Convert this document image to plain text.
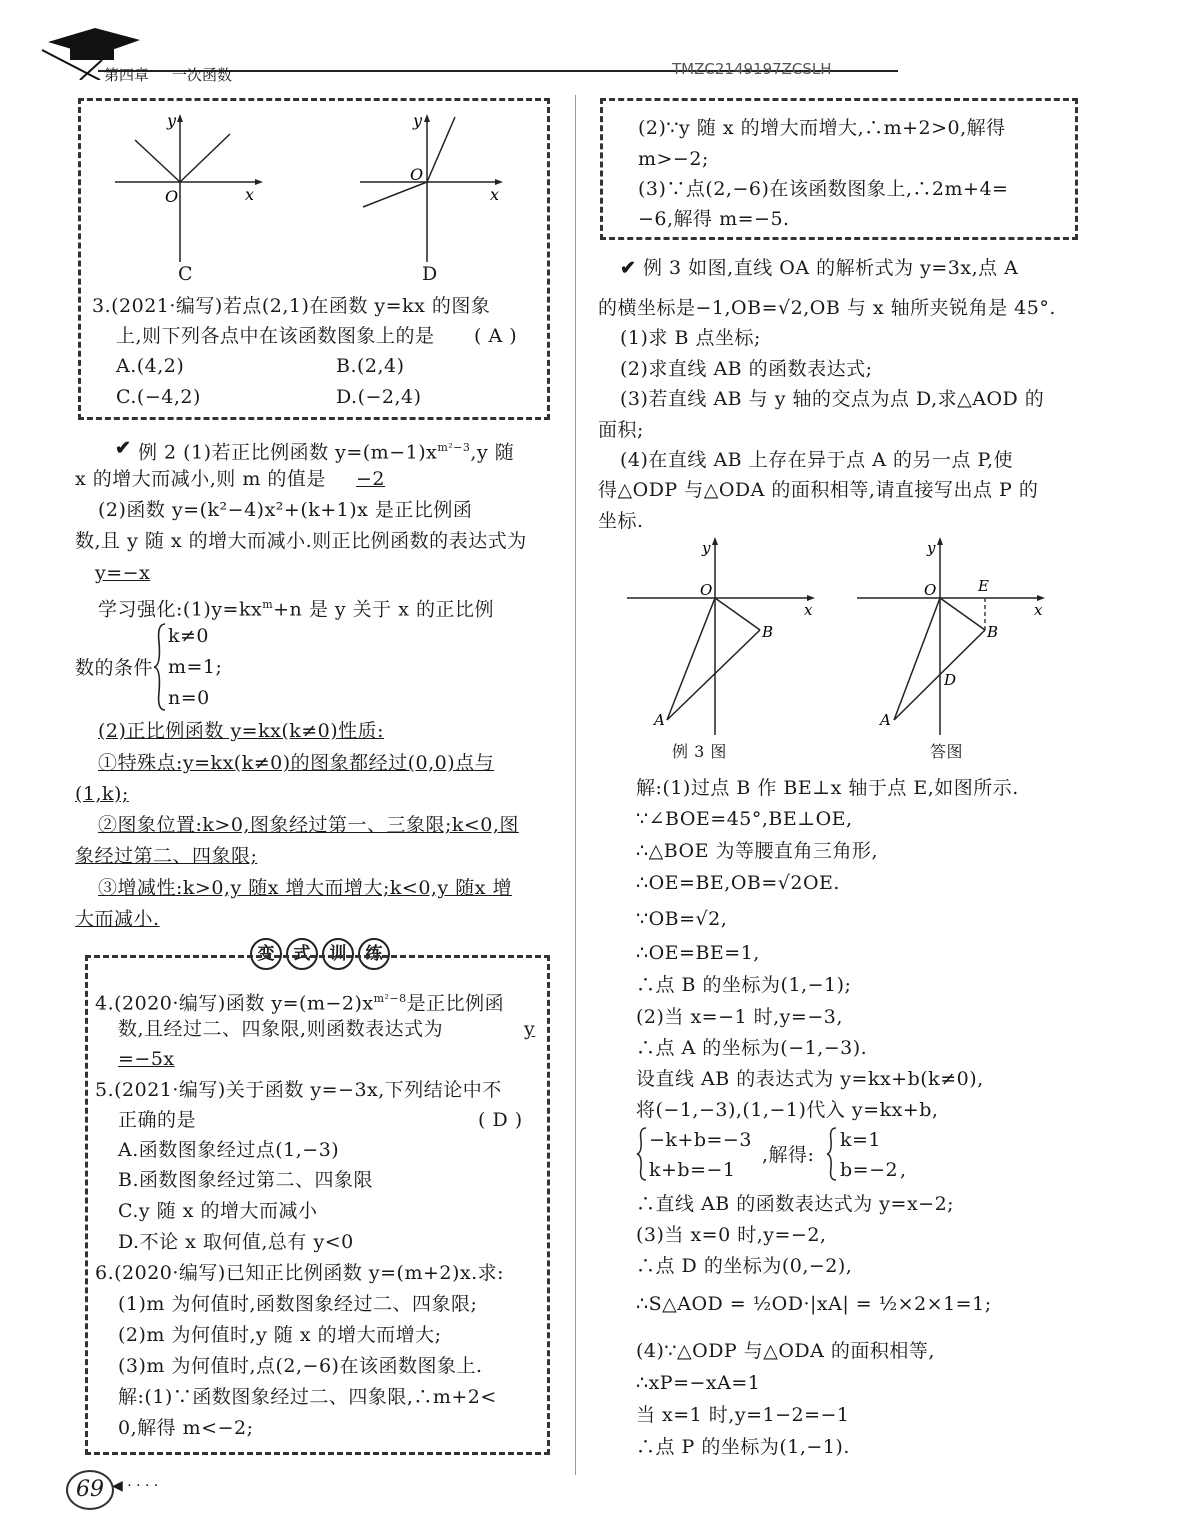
第四章 一次函数	TMZC2149197ZCSLH
y
x
O
C
y
x
O
D
3.(2021·编写)若点(2,1)在函数 y=kx 的图象
上,则下列各点中在该函数图象上的是 ( A )
A.(4,2)	B.(2,4)
C.(−4,2)	D.(−2,4)
✔ 例 2 (1)若正比例函数 $y=(m-1)x^{m^2-3},y$ 随
x 的增大而减小,则 m 的值是	−2
(2)函数 y=(k²−4)x²+(k+1)x 是正比例函
数,且 y 随 x 的增大而减小.则正比例函数的表达式为
y=−x
学习强化$:(1)y=kx^m+n$ 是 y 关于 x 的正比例
数的条件
k≠0
m=1;
n=0
(2)正比例函数 y=kx(k≠0)性质:
①特殊点:y=kx(k≠0)的图象都经过(0,0)点与
(1,k);
②图象位置:k>0,图象经过第一、三象限;k<0,图
象经过第二、四象限;
③增减性:k>0,y 随x 增大而增大;k<0,y 随x 增
大而减小.
变	式	训	练
4.(2020·编写)函数 $y=(m-2)x^{m^2-8}$是正比例函
数,且经过二、四象限,则函数表达式为	y
=−5x
5.(2021·编写)关于函数 y=−3x,下列结论中不
正确的是	( D )
A.函数图象经过点(1,−3)
B.函数图象经过第二、四象限
C.y 随 x 的增大而减小
D.不论 x 取何值,总有 y<0
6.(2020·编写)已知正比例函数 y=(m+2)x.求:
(1)m 为何值时,函数图象经过二、四象限;
(2)m 为何值时,y 随 x 的增大而增大;
(3)m 为何值时,点(2,−6)在该函数图象上.
解:(1)∵函数图象经过二、四象限,∴m+2<
0,解得 m<−2;
69 ◀ · · · ·
(2)∵y 随 x 的增大而增大,∴m+2>0,解得
m>−2;
(3)∵点(2,−6)在该函数图象上,∴2m+4=
−6,解得 m=−5.
✔ 例 3 如图,直线 OA 的解析式为 y=3x,点 A
的横坐标是−1,OB=√2,OB 与 x 轴所夹锐角是 45°.
(1)求 B 点坐标;
(2)求直线 AB 的函数表达式;
(3)若直线 AB 与 y 轴的交点为点 D,求△AOD 的
面积;
(4)在直线 AB 上存在异于点 A 的另一点 P,使
得△ODP 与△ODA 的面积相等,请直接写出点 P 的
坐标.
y
x
O
B
A
例 3 图
y
x
O	E
B
D
A
答图
解:(1)过点 B 作 BE⊥x 轴于点 E,如图所示.
∵∠BOE=45°,BE⊥OE,
∴△BOE 为等腰直角三角形,
∴OE=BE,OB=√2OE.
∵OB=√2,
∴OE=BE=1,
∴点 B 的坐标为(1,−1);
(2)当 x=−1 时,y=−3,
∴点 A 的坐标为(−1,−3).
设直线 AB 的表达式为 y=kx+b(k≠0),
将(−1,−3),(1,−1)代入 y=kx+b,
−k+b=−3
k+b=−1
,解得:
k=1
b=−2 ,
∴直线 AB 的函数表达式为 y=x−2;
(3)当 x=0 时,y=−2,
∴点 D 的坐标为(0,−2),
∴S△AOD = ½OD·|xA| = ½×2×1=1;
(4)∵△ODP 与△ODA 的面积相等,
∴xP=−xA=1
当 x=1 时,y=1−2=−1
∴点 P 的坐标为(1,−1).
